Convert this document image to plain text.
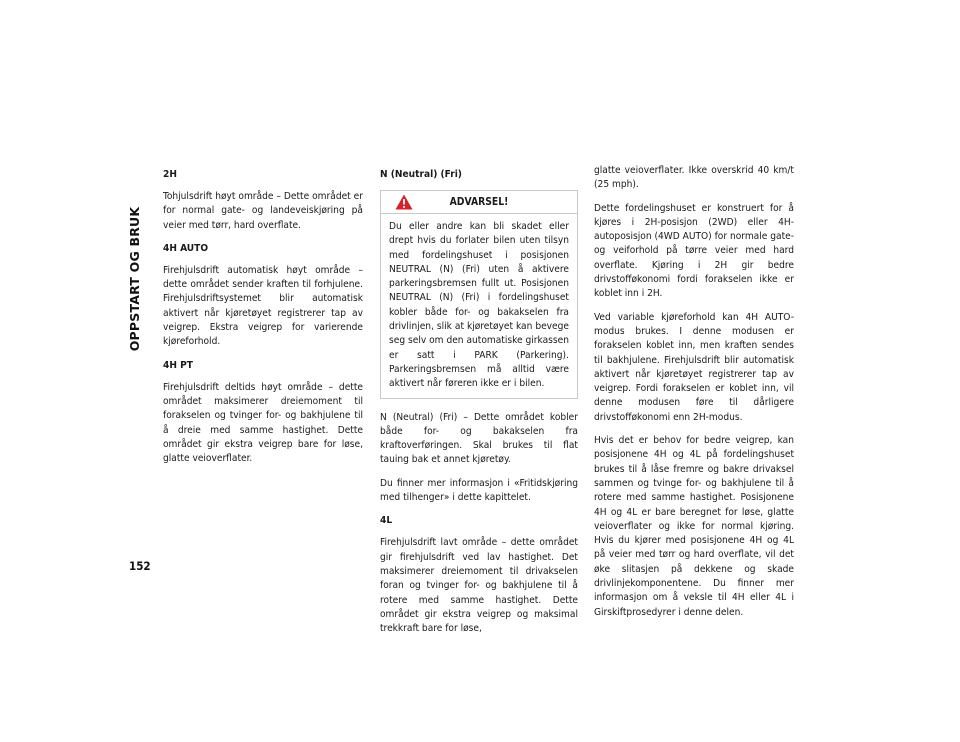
OPPSTART OG BRUK
2H

Tohjulsdrift høyt område – Dette området er for normal gate- og landeveiskjøring på veier med tørr, hard overflate.

4H AUTO

Firehjulsdrift automatisk høyt område – dette området sender kraften til forhjulene. Firehjulsdriftsystemet blir automatisk aktivert når kjøretøyet registrerer tap av veigrep. Ekstra veigrep for varierende kjøreforhold.

4H PT

Firehjulsdrift deltids høyt område – dette området maksimerer dreiemoment til forakselen og tvinger for- og bakhjulene til å dreie med samme hastighet. Dette området gir ekstra veigrep bare for løse, glatte veioverflater.

N (Neutral) (Fri)
ADVARSEL!

Du eller andre kan bli skadet eller drept hvis du forlater bilen uten tilsyn med fordelingshuset i posisjonen NEUTRAL (N) (Fri) uten å aktivere parkeringsbremsen fullt ut. Posisjonen NEUTRAL (N) (Fri) i fordelingshuset kobler både for- og bakakselen fra drivlinjen, slik at kjøretøyet kan bevege seg selv om den automatiske girkassen er satt i PARK (Parkering). Parkeringsbremsen må alltid være aktivert når føreren ikke er i bilen.

N (Neutral) (Fri) – Dette området kobler både for- og bakakselen fra kraftoverføringen. Skal brukes til flat tauing bak et annet kjøretøy.

Du finner mer informasjon i «Fritidskjøring med tilhenger» i dette kapittelet.

4L

Firehjulsdrift lavt område – dette området gir firehjulsdrift ved lav hastighet. Det maksimerer dreiemoment til drivakselen foran og tvinger for- og bakhjulene til å rotere med samme hastighet. Dette området gir ekstra veigrep og maksimal trekkraft bare for løse,

glatte veioverflater. Ikke overskrid 40 km/t (25 mph).

Dette fordelingshuset er konstruert for å kjøres i 2H-posisjon (2WD) eller 4H-autoposisjon (4WD AUTO) for normale gate- og veiforhold på tørre veier med hard overflate. Kjøring i 2H gir bedre drivstofføkonomi fordi forakselen ikke er koblet inn i 2H.

Ved variable kjøreforhold kan 4H AUTO-modus brukes. I denne modusen er forakselen koblet inn, men kraften sendes til bakhjulene. Firehjulsdrift blir automatisk aktivert når kjøretøyet registrerer tap av veigrep. Fordi forakselen er koblet inn, vil denne modusen føre til dårligere drivstofføkonomi enn 2H-modus.

Hvis det er behov for bedre veigrep, kan posisjonene 4H og 4L på fordelingshuset brukes til å låse fremre og bakre drivaksel sammen og tvinge for- og bakhjulene til å rotere med samme hastighet. Posisjonene 4H og 4L er bare beregnet for løse, glatte veioverflater og ikke for normal kjøring. Hvis du kjører med posisjonene 4H og 4L på veier med tørr og hard overflate, vil det øke slitasjen på dekkene og skade drivlinjekomponentene. Du finner mer informasjon om å veksle til 4H eller 4L i Girskiftprosedyrer i denne delen.

152
